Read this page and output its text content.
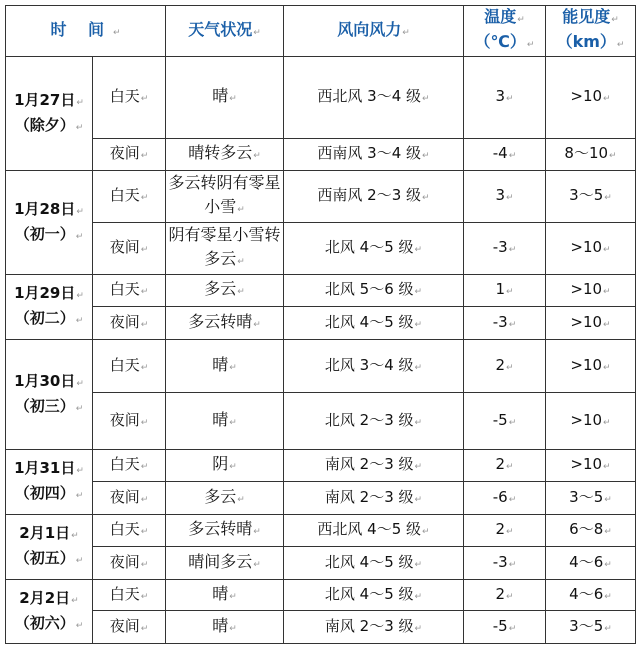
时 间↵		天气状况↵	风向风力↵	温度↵
（℃）↵	能见度↵
（km）↵

1月27日↵
（除夕）↵	白天↵	晴↵	西北风 3～4 级↵	3↵	>10↵
	夜间↵	晴转多云↵	西南风 3～4 级↵	-4↵	8～10↵

1月28日↵
（初一）↵	白天↵	多云转阴有零星小雪↵	西南风 2～3 级↵	3↵	3～5↵
	夜间↵	阴有零星小雪转多云↵	北风 4～5 级↵	-3↵	>10↵

1月29日↵
（初二）↵	白天↵	多云↵	北风 5～6 级↵	1↵	>10↵
	夜间↵	多云转晴↵	北风 4～5 级↵	-3↵	>10↵

1月30日↵
（初三）↵	白天↵	晴↵	北风 3～4 级↵	2↵	>10↵
	夜间↵	晴↵	北风 2～3 级↵	-5↵	>10↵

1月31日↵
（初四）↵	白天↵	阴↵	南风 2～3 级↵	2↵	>10↵
	夜间↵	多云↵	南风 2～3 级↵	-6↵	3～5↵

2月1日↵
（初五）↵	白天↵	多云转晴↵	西北风 4～5 级↵	2↵	6～8↵
	夜间↵	晴间多云↵	北风 4～5 级↵	-3↵	4～6↵

2月2日↵
（初六）↵	白天↵	晴↵	北风 4～5 级↵	2↵	4～6↵
	夜间↵	晴↵	南风 2～3 级↵	-5↵	3～5↵
